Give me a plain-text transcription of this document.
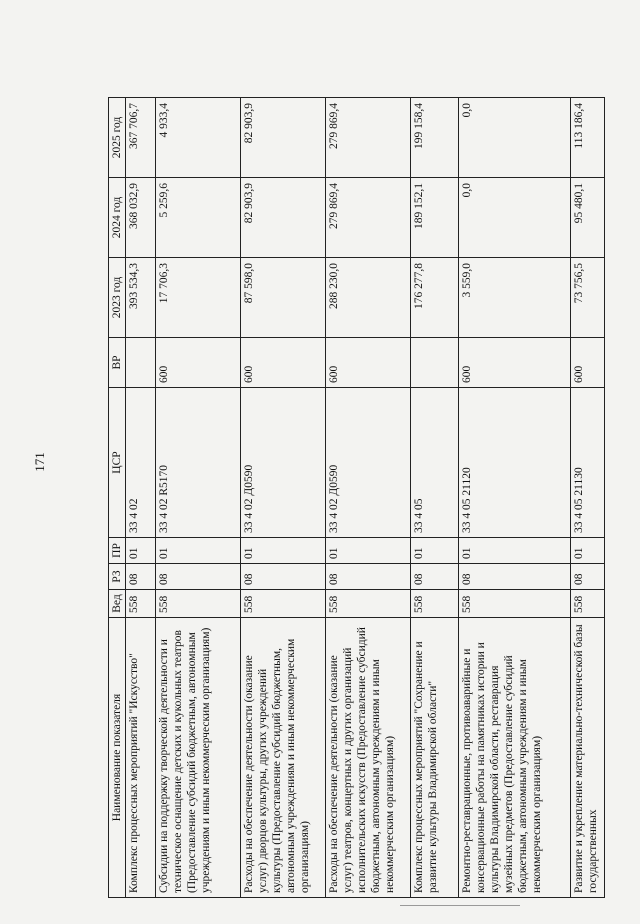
171
Наименование показателя	Вед	РЗ	ПР	ЦСР	ВР	2023 год	2024 год	2025 год
Комплекс процессных мероприятий "Искусство"	558	08	01	33 4 02		393 534,3	368 032,9	367 706,7
Субсидии на поддержку творческой деятельности и техническое оснащение детских и кукольных театров (Предоставление субсидий бюджетным, автономным учреждениям и иным некоммерческим организациям)	558	08	01	33 4 02 R5170	600	17 706,3	5 259,6	4 933,4
Расходы на обеспечение деятельности (оказание услуг) дворцов культуры, других учреждений культуры (Предоставление субсидий бюджетным, автономным учреждениям и иным некоммерческим организациям)	558	08	01	33 4 02 Д0590	600	87 598,0	82 903,9	82 903,9
Расходы на обеспечение деятельности (оказание услуг) театров, концертных и других организаций исполнительских искусств (Предоставление субсидий бюджетным, автономным учреждениям и иным некоммерческим организациям)	558	08	01	33 4 02 Д0590	600	288 230,0	279 869,4	279 869,4
Комплекс процессных мероприятий "Сохранение и развитие культуры Владимирской области"	558	08	01	33 4 05		176 277,8	189 152,1	199 158,4
Ремонтно-реставрационные, противоаварийные и консервационные работы на памятниках истории и культуры Владимирской области, реставрация музейных предметов (Предоставление субсидий бюджетным, автономным учреждениям и иным некоммерческим организациям)	558	08	01	33 4 05 21120	600	3 559,0	0,0	0,0
Развитие и укрепление материально-технической базы государственных	558	08	01	33 4 05 21130	600	73 756,5	95 480,1	113 186,4
